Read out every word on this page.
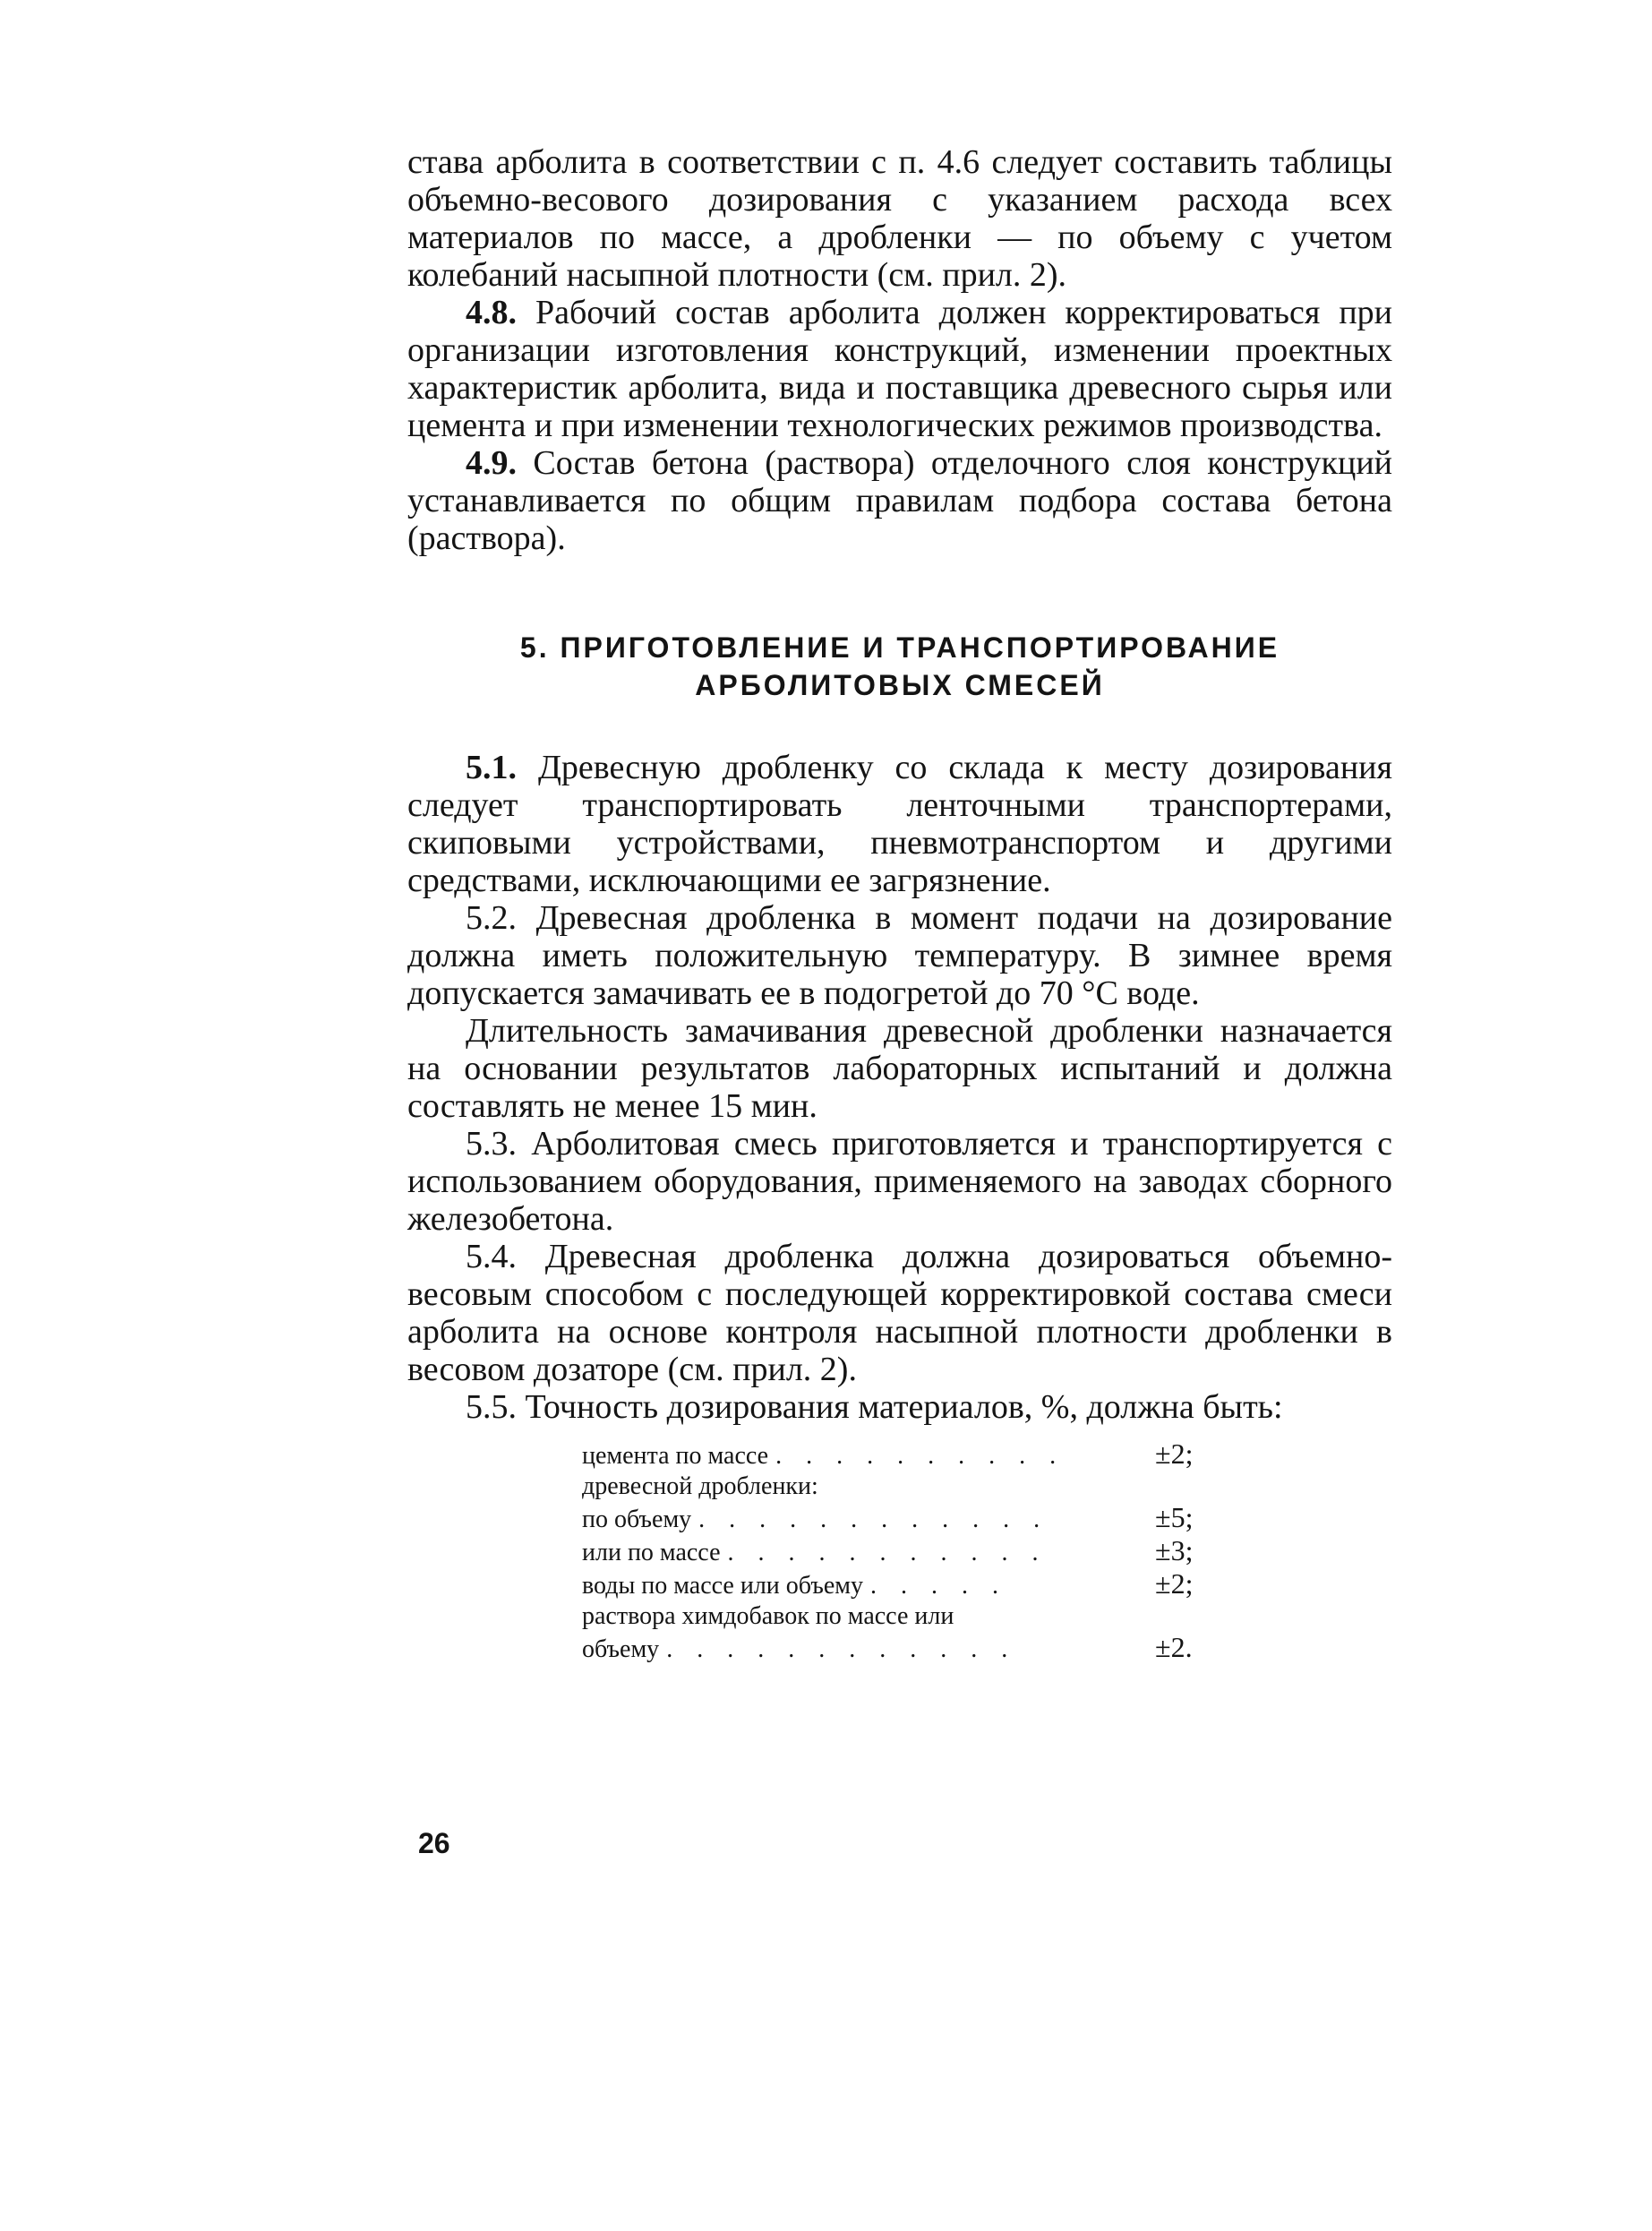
става арболита в соответствии с п. 4.6 следует составить таблицы объемно-весового дозирования с указанием расхода всех материалов по массе, а дробленки — по объему с учетом колебаний насыпной плотности (см. прил. 2).

4.8. Рабочий состав арболита должен корректироваться при организации изготовления конструкций, изменении проектных характеристик арболита, вида и поставщика древесного сырья или цемента и при изменении технологических режимов производства.

4.9. Состав бетона (раствора) отделочного слоя конструкций устанавливается по общим правилам подбора состава бетона (раствора).

5. ПРИГОТОВЛЕНИЕ И ТРАНСПОРТИРОВАНИЕ
АРБОЛИТОВЫХ СМЕСЕЙ

5.1. Древесную дробленку со склада к месту дозирования следует транспортировать ленточными транспортерами, скиповыми устройствами, пневмотранспортом и другими средствами, исключающими ее загрязнение.

5.2. Древесная дробленка в момент подачи на дозирование должна иметь положительную температуру. В зимнее время допускается замачивать ее в подогретой до 70 °С воде.

Длительность замачивания древесной дробленки назначается на основании результатов лабораторных испытаний и должна составлять не менее 15 мин.

5.3. Арболитовая смесь приготовляется и транспортируется с использованием оборудования, применяемого на заводах сборного железобетона.

5.4. Древесная дробленка должна дозироваться объемно-весовым способом с последующей корректировкой состава смеси арболита на основе контроля насыпной плотности дробленки в весовом дозаторе (см. прил. 2).

5.5. Точность дозирования материалов, %, должна быть:

цемента по массе . . . . . . . . . .	±2;
древесной дробленки:
по объему . . . . . . . . . . . .	±5;
или по массе . . . . . . . . . . .	±3;
воды по массе или объему . . . . .	±2;
раствора химдобавок по массе или
объему . . . . . . . . . . . .	±2.
26
